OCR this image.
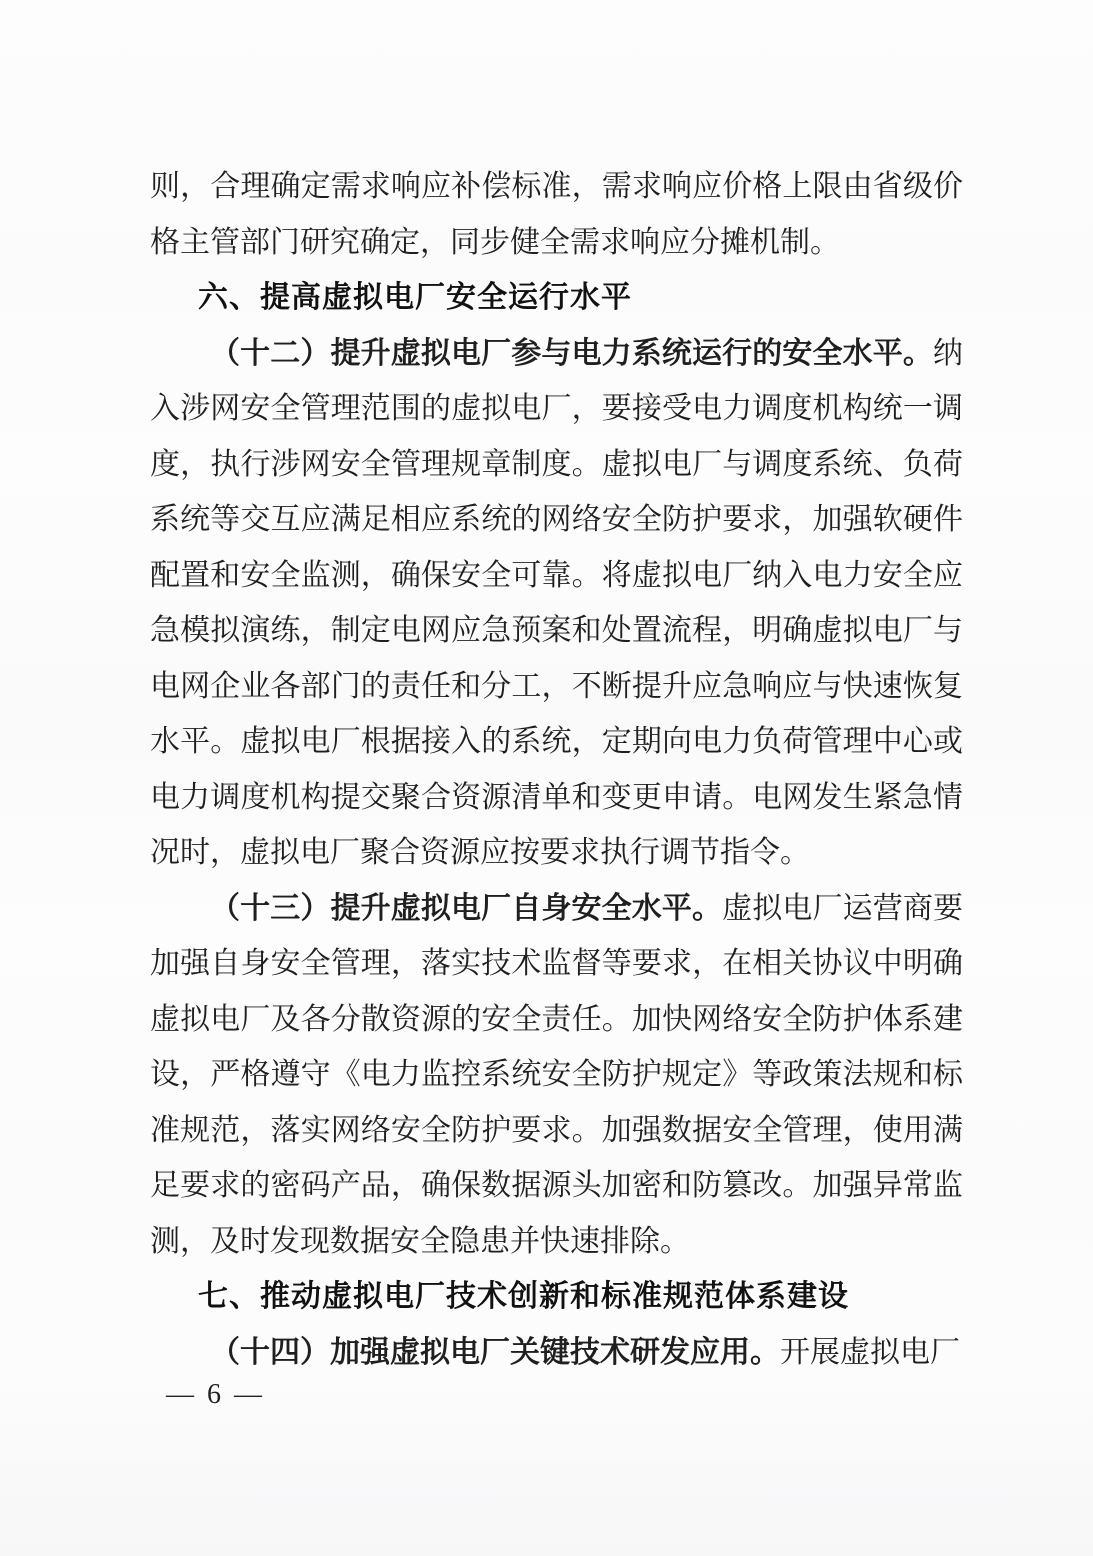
则，合理确定需求响应补偿标准，需求响应价格上限由省级价格主管部门研究确定，同步健全需求响应分摊机制。

六、提高虚拟电厂安全运行水平

（十二）提升虚拟电厂参与电力系统运行的安全水平。纳入涉网安全管理范围的虚拟电厂，要接受电力调度机构统一调度，执行涉网安全管理规章制度。虚拟电厂与调度系统、负荷系统等交互应满足相应系统的网络安全防护要求，加强软硬件配置和安全监测，确保安全可靠。将虚拟电厂纳入电力安全应急模拟演练，制定电网应急预案和处置流程，明确虚拟电厂与电网企业各部门的责任和分工，不断提升应急响应与快速恢复水平。虚拟电厂根据接入的系统，定期向电力负荷管理中心或电力调度机构提交聚合资源清单和变更申请。电网发生紧急情况时，虚拟电厂聚合资源应按要求执行调节指令。

（十三）提升虚拟电厂自身安全水平。虚拟电厂运营商要加强自身安全管理，落实技术监督等要求，在相关协议中明确虚拟电厂及各分散资源的安全责任。加快网络安全防护体系建设，严格遵守《电力监控系统安全防护规定》等政策法规和标准规范，落实网络安全防护要求。加强数据安全管理，使用满足要求的密码产品，确保数据源头加密和防篡改。加强异常监测，及时发现数据安全隐患并快速排除。

七、推动虚拟电厂技术创新和标准规范体系建设

（十四）加强虚拟电厂关键技术研发应用。开展虚拟电厂

— 6 —
